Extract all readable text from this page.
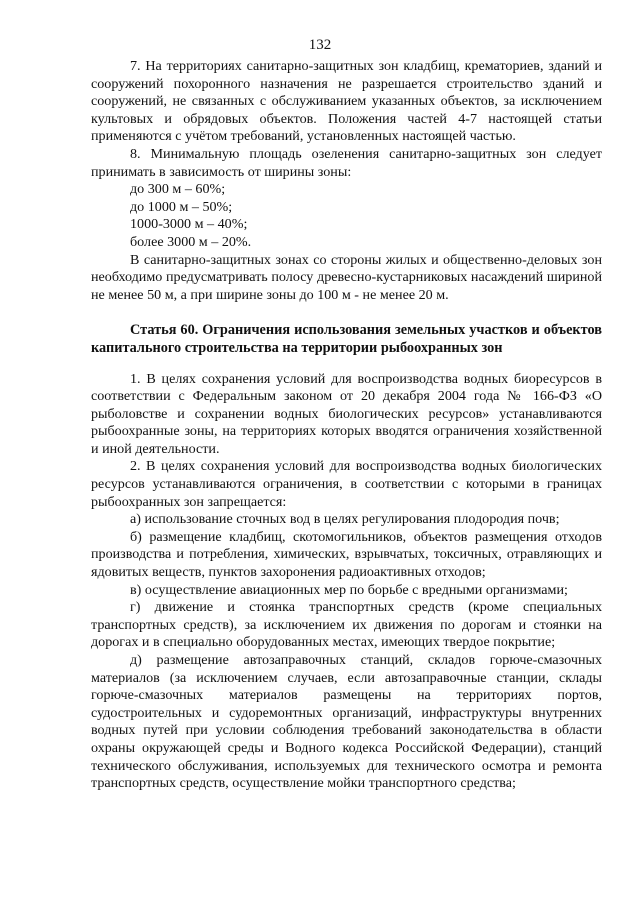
132

7. На территориях санитарно-защитных зон кладбищ, крематориев, зданий и сооружений похоронного назначения не разрешается строительство зданий и сооружений, не связанных с обслуживанием указанных объектов, за исключением культовых и обрядовых объектов. Положения частей 4-7 настоящей статьи применяются с учётом требований, установленных настоящей частью.

8. Минимальную площадь озеленения санитарно-защитных зон следует принимать в зависимость от ширины зоны:

до 300 м – 60%;

до 1000 м – 50%;

1000-3000 м – 40%;

более 3000 м – 20%.

В санитарно-защитных зонах со стороны жилых и общественно-деловых зон необходимо предусматривать полосу древесно-кустарниковых насаждений шириной не менее 50 м, а при ширине зоны до 100 м - не менее 20 м.

Статья 60. Ограничения использования земельных участков и объектов капитального строительства на территории рыбоохранных зон

1. В целях сохранения условий для воспроизводства водных биоресурсов в соответствии с Федеральным законом от 20 декабря 2004 года № 166-ФЗ «О рыболовстве и сохранении водных биологических ресурсов» устанавливаются рыбоохранные зоны, на территориях которых вводятся ограничения хозяйственной и иной деятельности.

2. В целях сохранения условий для воспроизводства водных биологических ресурсов устанавливаются ограничения, в соответствии с которыми в границах рыбоохранных зон запрещается:

а) использование сточных вод в целях регулирования плодородия почв;

б) размещение кладбищ, скотомогильников, объектов размещения отходов производства и потребления, химических, взрывчатых, токсичных, отравляющих и ядовитых веществ, пунктов захоронения радиоактивных отходов;

в) осуществление авиационных мер по борьбе с вредными организмами;

г) движение и стоянка транспортных средств (кроме специальных транспортных средств), за исключением их движения по дорогам и стоянки на дорогах и в специально оборудованных местах, имеющих твердое покрытие;

д) размещение автозаправочных станций, складов горюче-смазочных материалов (за исключением случаев, если автозаправочные станции, склады горюче-смазочных материалов размещены на территориях портов, судостроительных и судоремонтных организаций, инфраструктуры внутренних водных путей при условии соблюдения требований законодательства в области охраны окружающей среды и Водного кодекса Российской Федерации), станций технического обслуживания, используемых для технического осмотра и ремонта транспортных средств, осуществление мойки транспортного средства;
